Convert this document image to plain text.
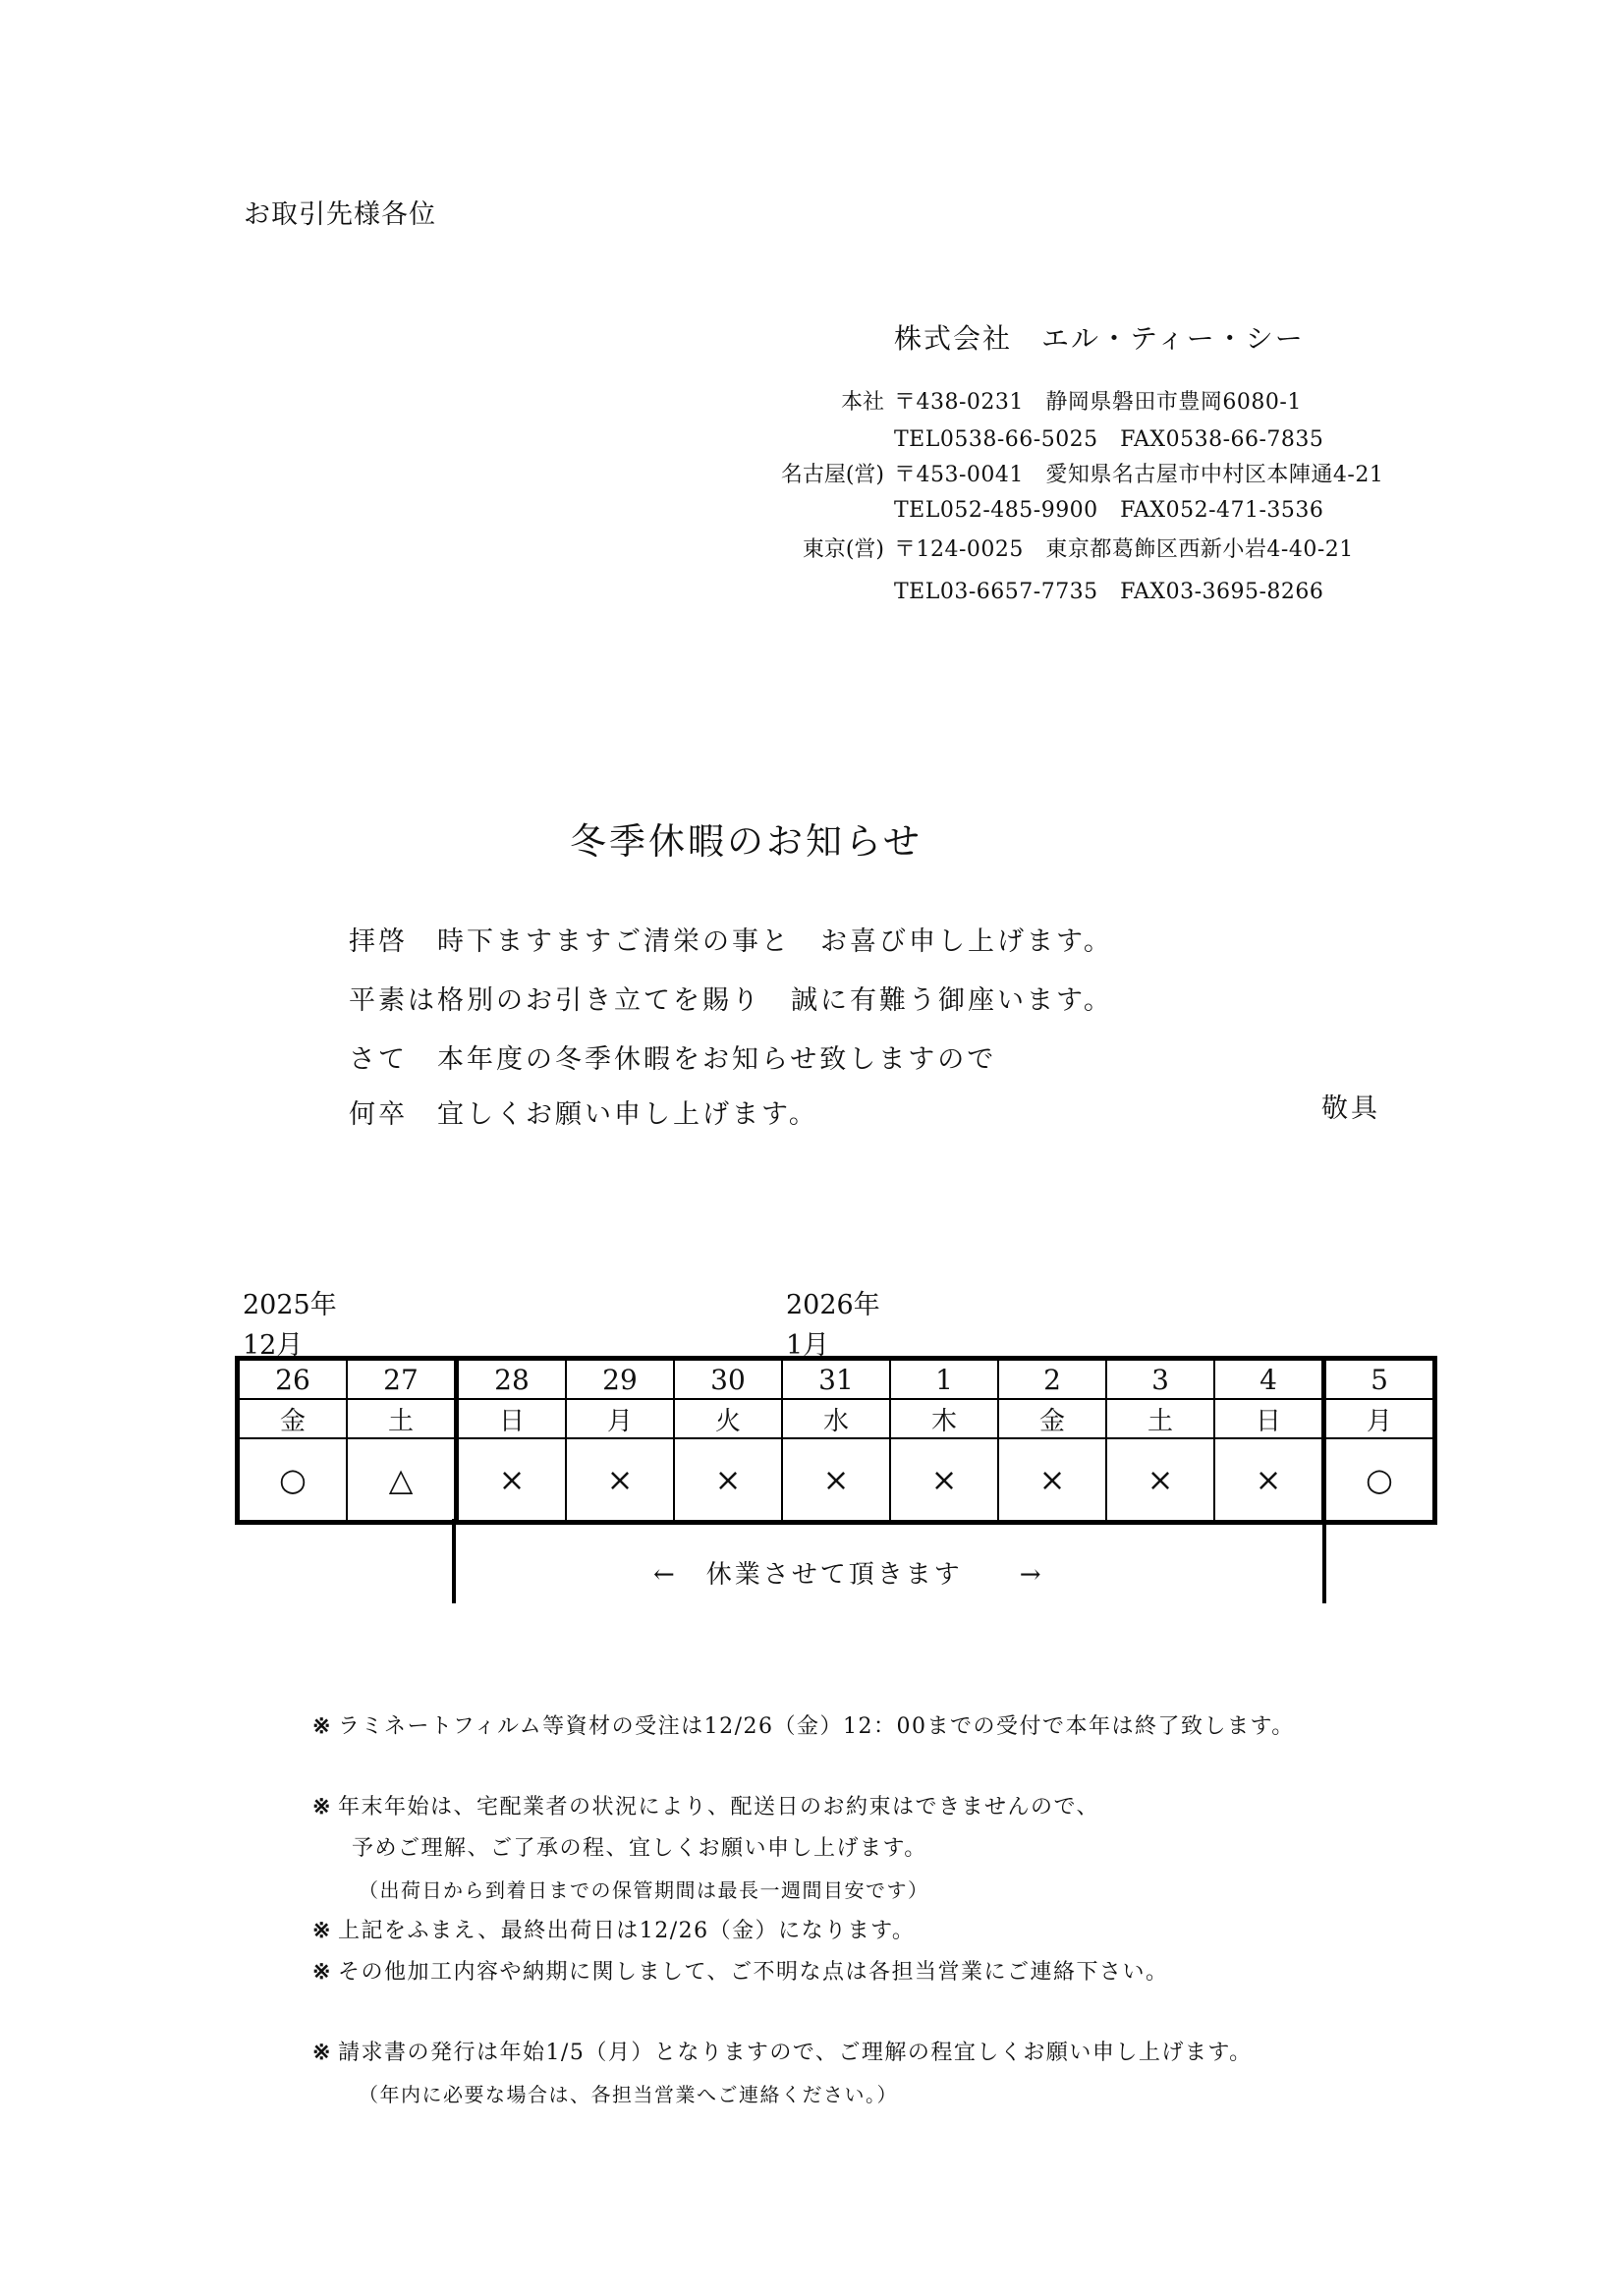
お取引先様各位
株式会社　エル・ティー・シー
本社 〒438-0231　静岡県磐田市豊岡6080-1
TEL0538-66-5025　FAX0538-66-7835
名古屋(営) 〒453-0041　愛知県名古屋市中村区本陣通4-21
TEL052-485-9900　FAX052-471-3536
東京(営) 〒124-0025　東京都葛飾区西新小岩4-40-21
TEL03-6657-7735　FAX03-3695-8266
冬季休暇のお知らせ
拝啓　時下ますますご清栄の事と　お喜び申し上げます。
平素は格別のお引き立てを賜り　誠に有難う御座います。
さて　本年度の冬季休暇をお知らせ致しますので
何卒　宜しくお願い申し上げます。	敬具
2025年
12月
2026年
1月
26	27	28	29	30	31	1	2	3	4	5
金	土	日	月	火	水	木	金	土	日	月
○	△	×	×	×	×	×	×	×	×	○
←　休業させて頂きます　　→
※ ラミネートフィルム等資材の受注は12/26（金）12：00までの受付で本年は終了致します。
※ 年末年始は、宅配業者の状況により、配送日のお約束はできませんので、
予めご理解、ご了承の程、宜しくお願い申し上げます。
（出荷日から到着日までの保管期間は最長一週間目安です）
※ 上記をふまえ、最終出荷日は12/26（金）になります。
※ その他加工内容や納期に関しまして、ご不明な点は各担当営業にご連絡下さい。
※ 請求書の発行は年始1/5（月）となりますので、ご理解の程宜しくお願い申し上げます。
（年内に必要な場合は、各担当営業へご連絡ください。）
